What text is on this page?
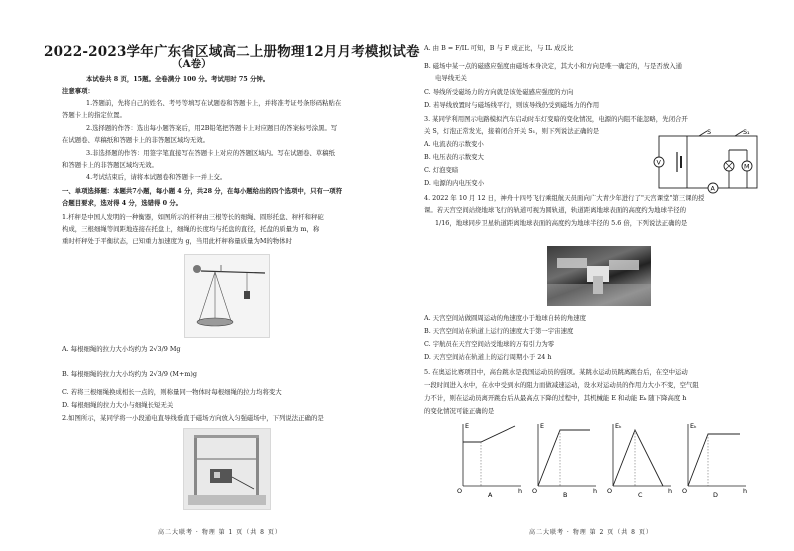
2022-2023学年广东省区域高二上册物理12月月考模拟试卷
（A卷）
本试卷共 8 页，15题。全卷满分 100 分。考试用时 75 分钟。
注意事项：
1.答题前，先将自己的姓名、考号等填写在试题卷和答题卡上，并将准考证号条形码粘贴在
答题卡上的指定位置。
2.选择题的作答：选出每小题答案后，用2B铅笔把答题卡上对应题目的答案标号涂黑。写
在试题卷、草稿纸和答题卡上的非答题区域均无效。
3.非选择题的作答：用签字笔直接写在答题卡上对应的答题区域内。写在试题卷、草稿纸
和答题卡上的非答题区域均无效。
4.考试结束后，请将本试题卷和答题卡一并上交。
一、单项选择题：本题共7小题，每小题 4 分，共28 分，在每小题给出的四个选项中，只有一项符
合题目要求，选对得 4 分，选错得 0 分。
1.杆秤是中国人发明的一种衡器，如图所示的杆秤由三根等长的细绳、圆形托盘、秤杆和秤砣
构成，三根细绳等间距地连接在托盘上，细绳的长度均与托盘的直径，托盘的质量为 m，称
重时杆秤处于平衡状态，已知重力加速度为 g，当用此杆秤称量质量为M的物体时
A. 每根细绳的拉力大小均约为 2√3/9 Mg
B. 每根细绳的拉力大小均约为 2√3/9 (M+m)g
C. 若将三根细绳换成相长一点的，则称量同一物体时每根细绳的拉力均将变大
D. 每根细绳的拉力大小与细绳长短无关
2.如图所示，某同学将一小段通电直导线垂直于磁场方向放入匀强磁场中，下列说法正确的是
高二大联考 · 物理 第 1 页（共 8 页）
A. 由 B = F/IL 可知，B 与 F 成正比，与 IL 成反比
B. 磁场中某一点的磁感应强度由磁场本身决定，其大小和方向是唯一确定的，与是否放入通
电导线无关
C. 导线所受磁场力的方向就是该处磁感应强度的方向
D. 若导线放置时与磁场线平行，则该导线仍受到磁场力的作用
3. 某同学利用图示电路模拟汽车启动时车灯变暗的变化情况，电源的内阻不能忽略，先闭合开
关 S，灯泡正常发光，接着闭合开关 S₁，则下列说法正确的是
A. 电流表的示数变小
B. 电压表的示数变大
C. 灯泡变暗
D. 电源的内电压变小
V
A
M
S₁
S
4. 2022 年 10 月 12 日，神舟十四号飞行乘组航天员面向广大青少年进行了"天宫课堂"第三课的授
课。若天宫空间站绕地球飞行的轨道可视为圆轨道，轨道距离地球表面的高度约为地球半径的
1/16，地球同步卫星轨道距离地球表面的高度约为地球半径的 5.6 倍，下列说法正确的是
A. 天宫空间站做圆周运动的角速度小于地球自转的角速度
B. 天宫空间站在轨道上运行的速度大于第一宇宙速度
C. 宇航员在天宫空间站受地球的万有引力为零
D. 天宫空间站在轨道上的运行周期小于 24 h
5. 在奥运比赛项目中，高台跳水是我国运动员的强项。某跳水运动员跳离跳台后，在空中运动
一段时间进入水中，在水中受到水的阻力而做减速运动，设水对运动员的作用力大小不变，空气阻
力不计，则在运动员离开跳台后从最高点下降的过程中，其机械能 E 和动能 Eₖ 随下降高度 h
的变化情况可能正确的是
E
h
O	A
E
h
O	B
Eₖ
h
O	C
Eₖ
h
O	D
高二大联考 · 物理 第 2 页（共 8 页）
